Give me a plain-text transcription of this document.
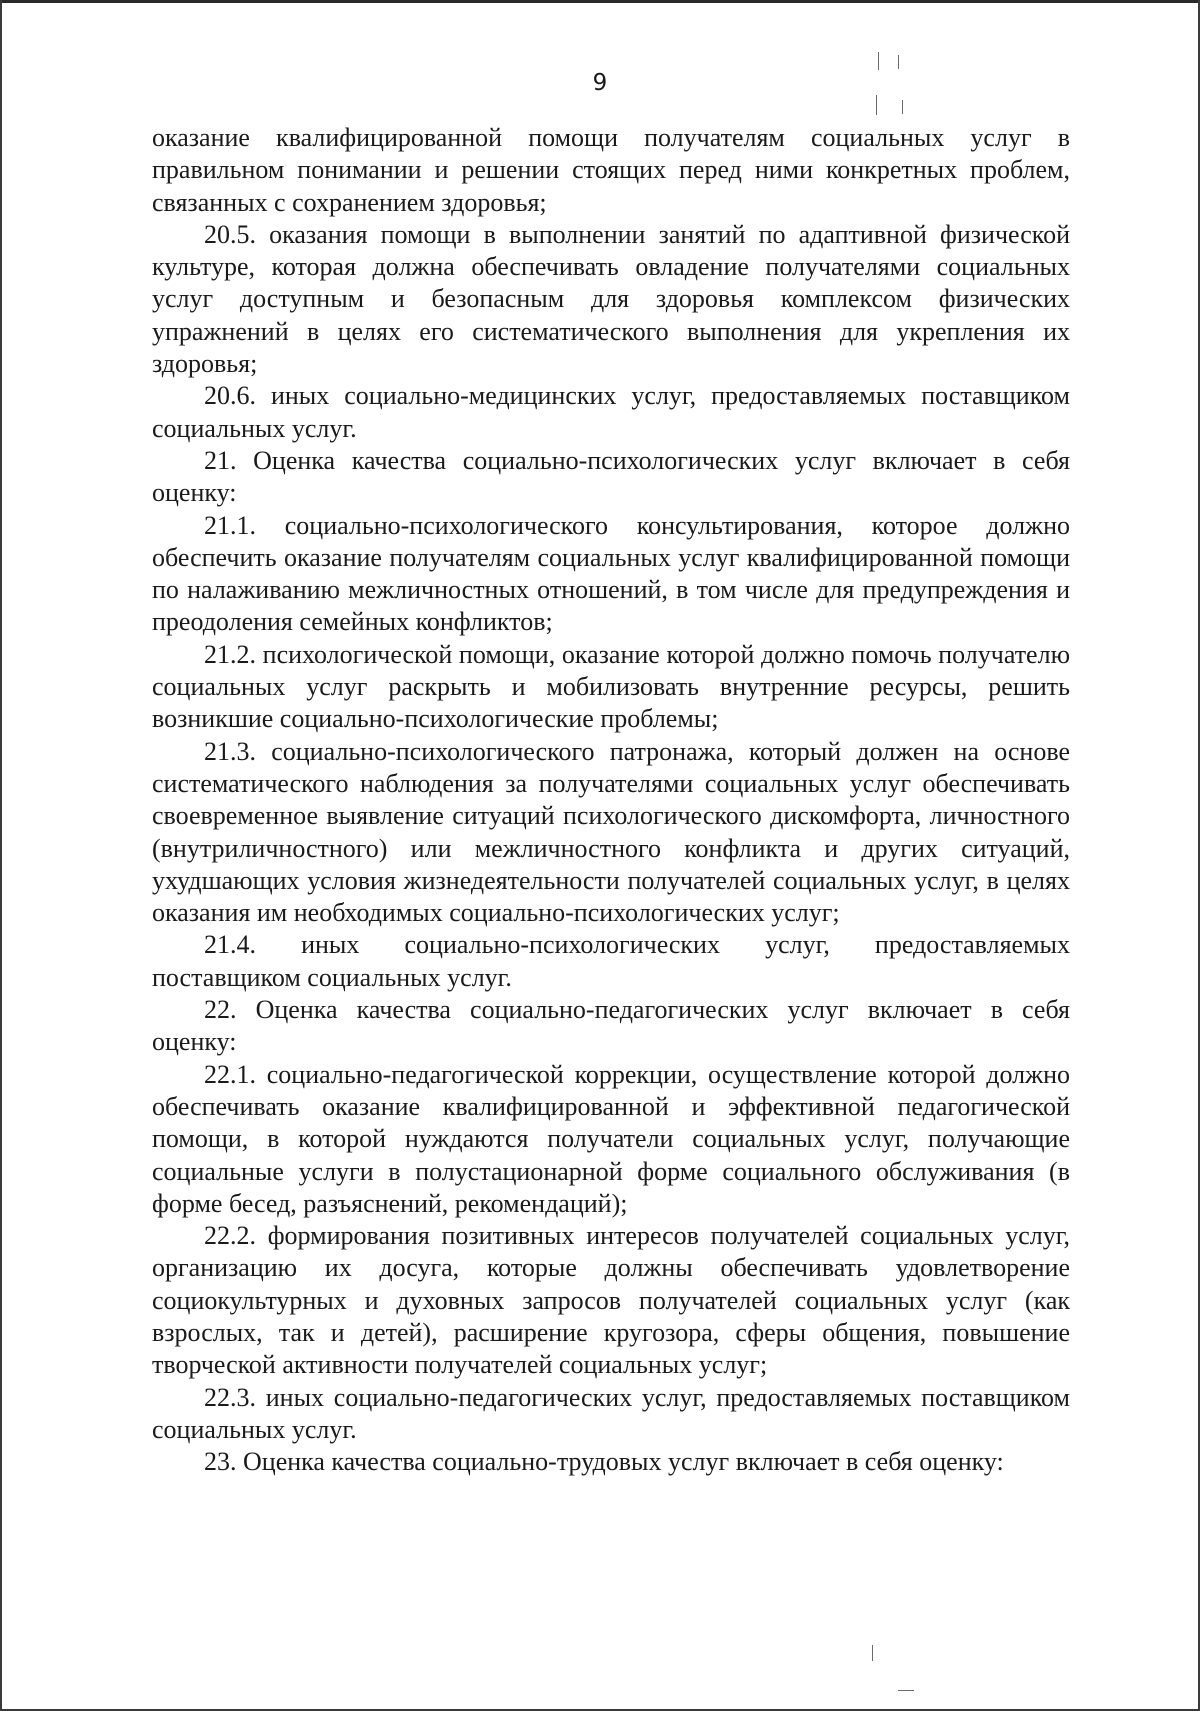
9

оказание квалифицированной помощи получателям социальных услуг в правильном понимании и решении стоящих перед ними конкретных проблем, связанных с сохранением здоровья;

20.5. оказания помощи в выполнении занятий по адаптивной физической культуре, которая должна обеспечивать овладение получателями социальных услуг доступным и безопасным для здоровья комплексом физических упражнений в целях его систематического выполнения для укрепления их здоровья;

20.6. иных социально-медицинских услуг, предоставляемых поставщиком социальных услуг.

21. Оценка качества социально-психологических услуг включает в себя оценку:

21.1. социально-психологического консультирования, которое должно обеспечить оказание получателям социальных услуг квалифицированной помощи по налаживанию межличностных отношений, в том числе для предупреждения и преодоления семейных конфликтов;

21.2. психологической помощи, оказание которой должно помочь получателю социальных услуг раскрыть и мобилизовать внутренние ресурсы, решить возникшие социально-психологические проблемы;

21.3. социально-психологического патронажа, который должен на основе систематического наблюдения за получателями социальных услуг обеспечивать своевременное выявление ситуаций психологического дискомфорта, личностного (внутриличностного) или межличностного конфликта и других ситуаций, ухудшающих условия жизнедеятельности получателей социальных услуг, в целях оказания им необходимых социально-психологических услуг;

21.4. иных социально-психологических услуг, предоставляемых поставщиком социальных услуг.

22. Оценка качества социально-педагогических услуг включает в себя оценку:

22.1. социально-педагогической коррекции, осуществление которой должно обеспечивать оказание квалифицированной и эффективной педагогической помощи, в которой нуждаются получатели социальных услуг, получающие социальные услуги в полустационарной форме социального обслуживания (в форме бесед, разъяснений, рекомендаций);

22.2. формирования позитивных интересов получателей социальных услуг, организацию их досуга, которые должны обеспечивать удовлетворение социокультурных и духовных запросов получателей социальных услуг (как взрослых, так и детей), расширение кругозора, сферы общения, повышение творческой активности получателей социальных услуг;

22.3. иных социально-педагогических услуг, предоставляемых поставщиком социальных услуг.

23. Оценка качества социально-трудовых услуг включает в себя оценку:
